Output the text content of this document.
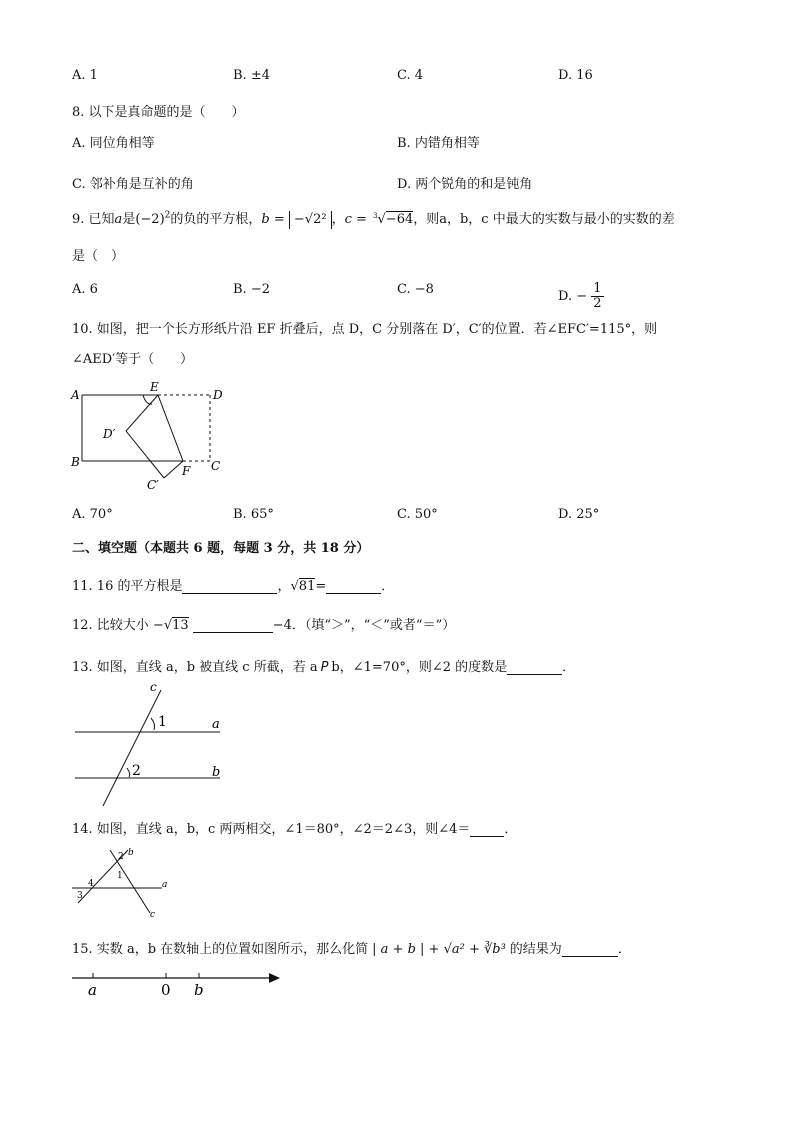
A. 1	B. ±4	C. 4	D. 16
8. 以下是真命题的是（　　）
A. 同位角相等	B. 内错角相等
C. 邻补角是互补的角	D. 两个锐角的和是钝角
9. 已知a是$(-2)^2$的负的平方根，b = −√2² ，c = $^3$√−64，则a，b，c 中最大的实数与最小的实数的差
是（　）
A. 6	B. −2	C. −8	D. − $\frac{1}{2}$
10. 如图，把一个长方形纸片沿 EF 折叠后，点 D，C 分别落在 D′，C′的位置．若∠EFC′=115°，则
∠AED′等于（　　）
A
E
D
D′
B
F C
C′
A. 70°	B. 65°	C. 50°	D. 25°
二、填空题（本题共 6 题，每题 3 分，共 18 分）
11. 16 的平方根是	，√81=	．
12. 比较大小 −√13	−4．（填“＞”，“＜”或者“＝”）
13. 如图，直线 a，b 被直线 c 所截，若 a P b，∠1=70°，则∠2 的度数是	．
c
1	a
2	b
14. 如图，直线 a，b，c 两两相交，∠1＝80°，∠2＝2∠3，则∠4＝	．
2 b
1
4	a
3
c
15. 实数 a，b 在数轴上的位置如图所示，那么化简 | a + b | + √a² + ∛b³ 的结果为	．
a	0 b
